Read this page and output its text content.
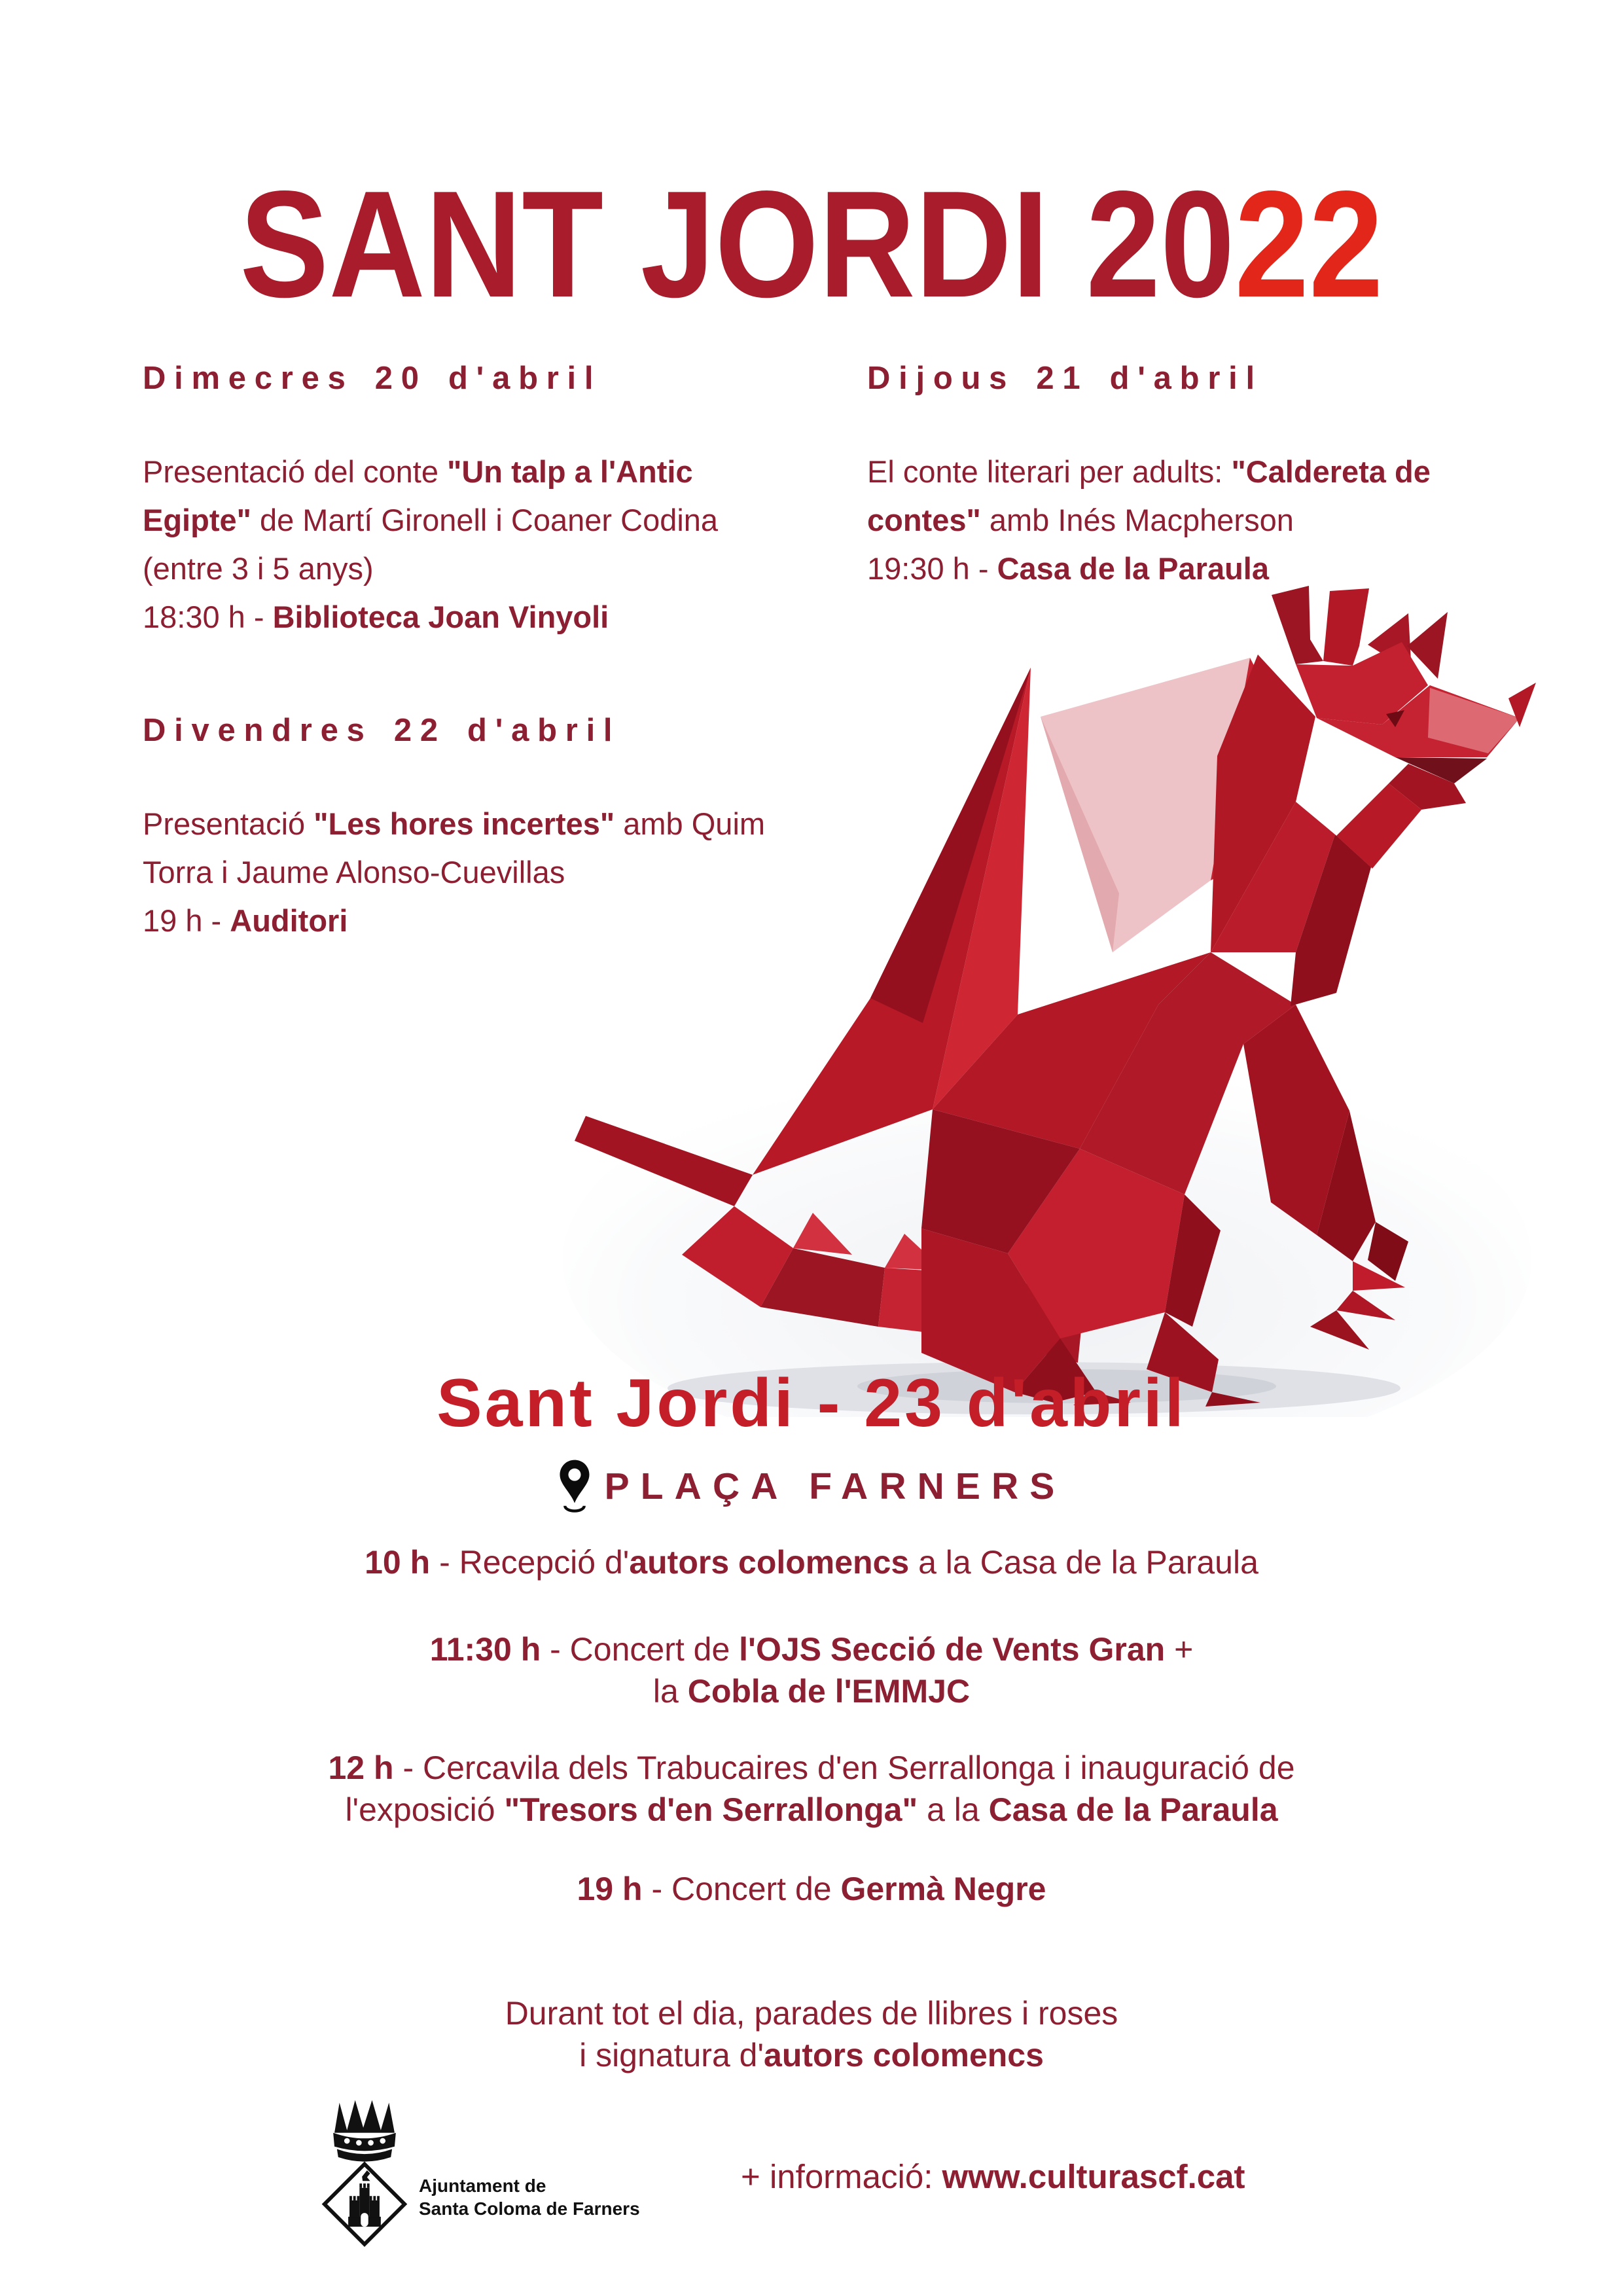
SANT JORDI 2022
Dimecres 20 d'abril
Presentació del conte "Un talp a l'Antic
Egipte" de Martí Gironell i Coaner Codina
(entre 3 i 5 anys)
18:30 h - Biblioteca Joan Vinyoli
Divendres 22 d'abril
Presentació "Les hores incertes" amb Quim
Torra i Jaume Alonso-Cuevillas
19 h - Auditori
Dijous 21 d'abril
El conte literari per adults: "Caldereta de
contes" amb Inés Macpherson
19:30 h - Casa de la Paraula
Sant Jordi - 23 d'abril
PLAÇA FARNERS
10 h - Recepció d'autors colomencs a la Casa de la Paraula
11:30 h - Concert de l'OJS Secció de Vents Gran +
la Cobla de l'EMMJC
12 h - Cercavila dels Trabucaires d'en Serrallonga i inauguració de
l'exposició "Tresors d'en Serrallonga" a la Casa de la Paraula
19 h - Concert de Germà Negre
Durant tot el dia, parades de llibres i roses
i signatura d'autors colomencs
Ajuntament de
Santa Coloma de Farners
+ informació: www.culturascf.cat
